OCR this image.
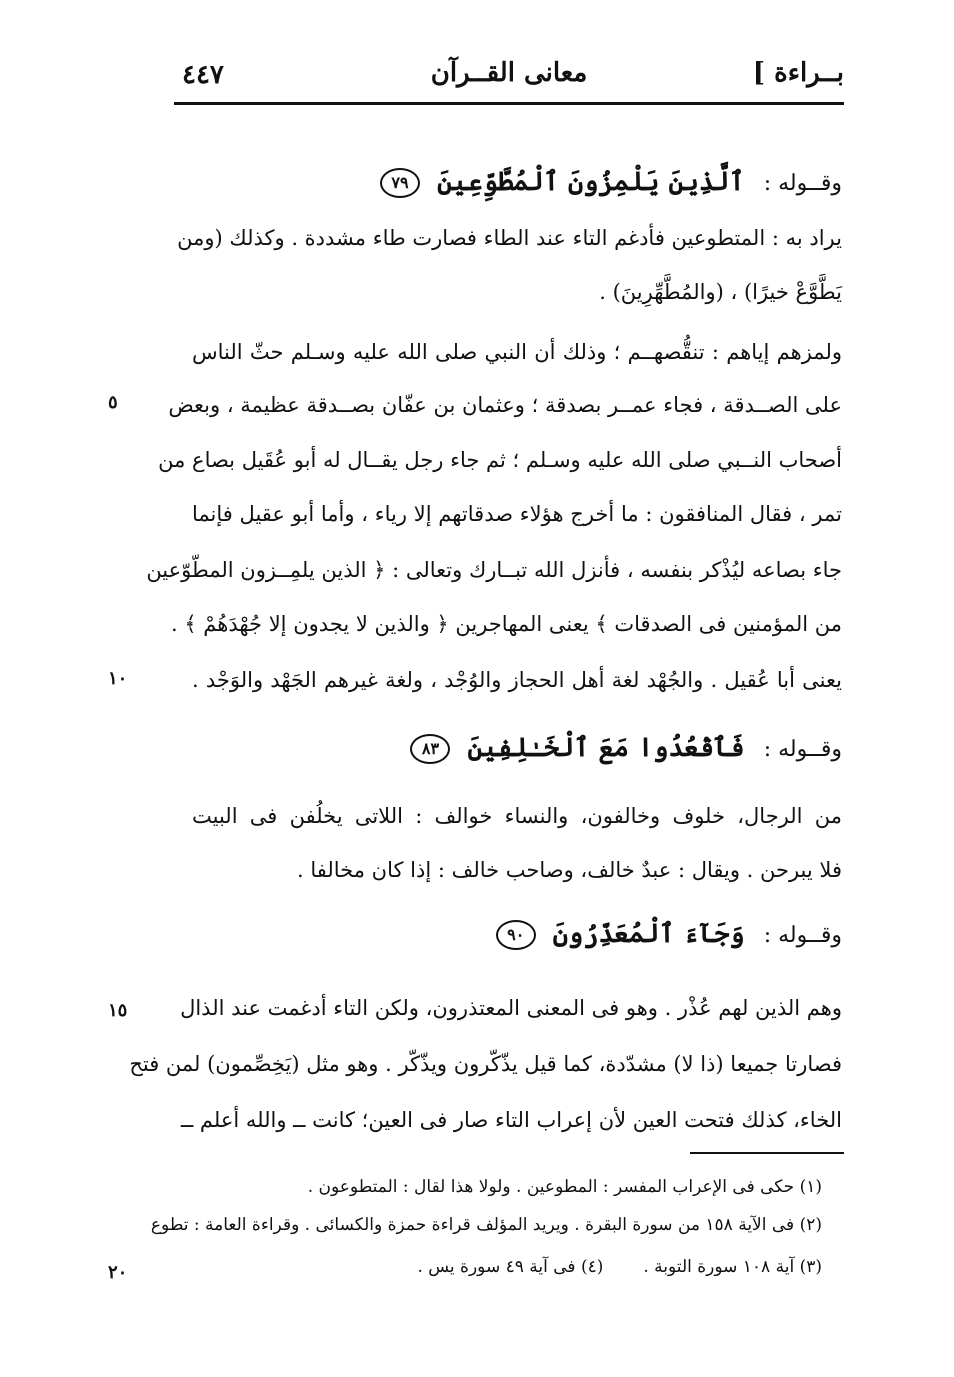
٤٤٧	معانى القــرآن	بــراءة ]
وقــوله : ٱلَّذِينَ يَلْمِزُونَ ٱلْمُطَّوِّعِينَ ٧٩
يراد به : المتطوعين فأدغم التاء عند الطاء فصارت طاء مشددة . وكذلك (ومن
يَطَّوَّعْ خيرًا) ، (والمُطَّهِّرِينَ) .
ولمزهم إياهم : تنقُّصهــم ؛ وذلك أن النبي صلى الله عليه وسـلم حثّ الناس
على الصــدقة ، فجاء عمــر بصدقة ؛ وعثمان بن عفّان بصــدقة عظيمة ، وبعض
أصحاب النــبي صلى الله عليه وسـلم ؛ ثم جاء رجل يقــال له أبو عُقَيل بصاع من
تمر ، فقال المنافقون : ما أخرج هؤلاء صدقاتهم إلا رياء ، وأما أبو عقيل فإنما
جاء بصاعه ليُذْكر بنفسه ، فأنزل الله تبــارك وتعالى : ﴿ الذين يلمِــزون المطّوّعين
من المؤمنين فى الصدقات ﴾ يعنى المهاجرين ﴿ والذين لا يجدون إلا جُهْدَهُمْ ﴾ .
يعنى أبا عُقيل . والجُهْد لغة أهل الحجاز والوُجْد ، ولغة غيرهم الجَهْد والوَجْد .
وقــوله : فَٱقْعُدُوا مَعَ ٱلْخَـٰلِفِينَ ٨٣
من الرجال، خلوف وخالفون، والنساء خوالف : اللاتى يخلُفن فى البيت
فلا يبرحن . ويقال : عبدٌ خالف، وصاحب خالف : إذا كان مخالفا .
وقــوله : وَجَآءَ ٱلْمُعَذِّرُونَ ٩٠
وهم الذين لهم عُذْر . وهو فى المعنى المعتذرون، ولكن التاء أدغمت عند الذال
فصارتا جميعا (ذا لا) مشدّدة، كما قيل يذّكّرون ويذّكّر . وهو مثل (يَخِصِّمون) لمن فتح
الخاء، كذلك فتحت العين لأن إعراب التاء صار فى العين؛ كانت ــ والله أعلم ــ
٥
١٠
١٥
٢٠
(١) حكى فى الإعراب المفسر : المطوعين . ولولا هذا لقال : المتطوعون .
(٢) فى الآية ١٥٨ من سورة البقرة . ويريد المؤلف قراءة حمزة والكسائى . وقراءة العامة : تطوع
(٣) آية ١٠٨ سورة التوبة .
(٤) فى آية ٤٩ سورة يس .
